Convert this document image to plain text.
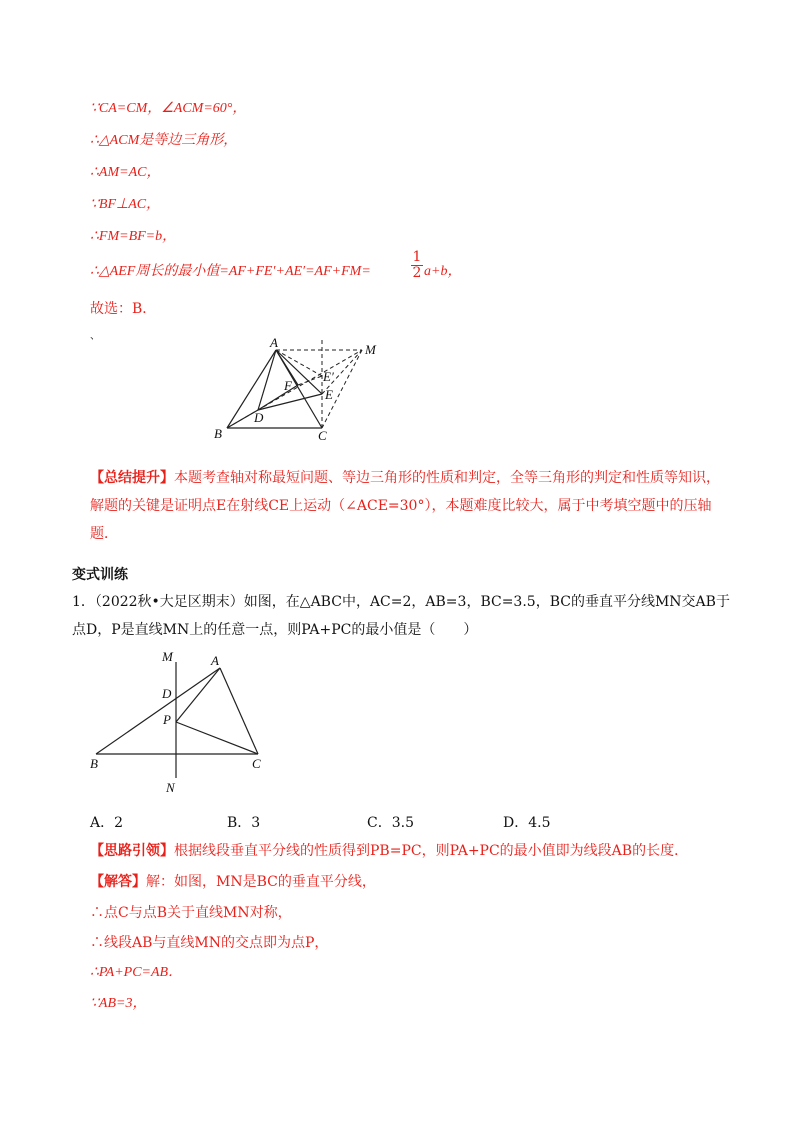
∵CA=CM，∠ACM=60°，
∴△ACM是等边三角形，
∴AM=AC，
∵BF⊥AC，
∴FM=BF=b，
∴△AEF周长的最小值=AF+FE′+AE′=AF+FM=	$\frac{1}{2} a+b$，
故选：B．
、	A	M
F
E′
E
D
B	C
【总结提升】本题考查轴对称最短问题、等边三角形的性质和判定，全等三角形的判定和性质等知识，解题的关键是证明点E在射线CE上运动（∠ACE=30°），本题难度比较大，属于中考填空题中的压轴题．
变式训练
1．（2022秋•大足区期末）如图，在△ABC中，AC=2，AB=3，BC=3.5，BC的垂直平分线MN交AB于点D，P是直线MN上的任意一点，则PA+PC的最小值是（　　）
M	A
D
P
B	C
N
A．2	B．3	C．3.5	D．4.5
【思路引领】根据线段垂直平分线的性质得到PB=PC，则PA+PC的最小值即为线段AB的长度．
【解答】解：如图，MN是BC的垂直平分线，
∴点C与点B关于直线MN对称，
∴线段AB与直线MN的交点即为点P，
∴PA+PC=AB．
∵AB=3，
